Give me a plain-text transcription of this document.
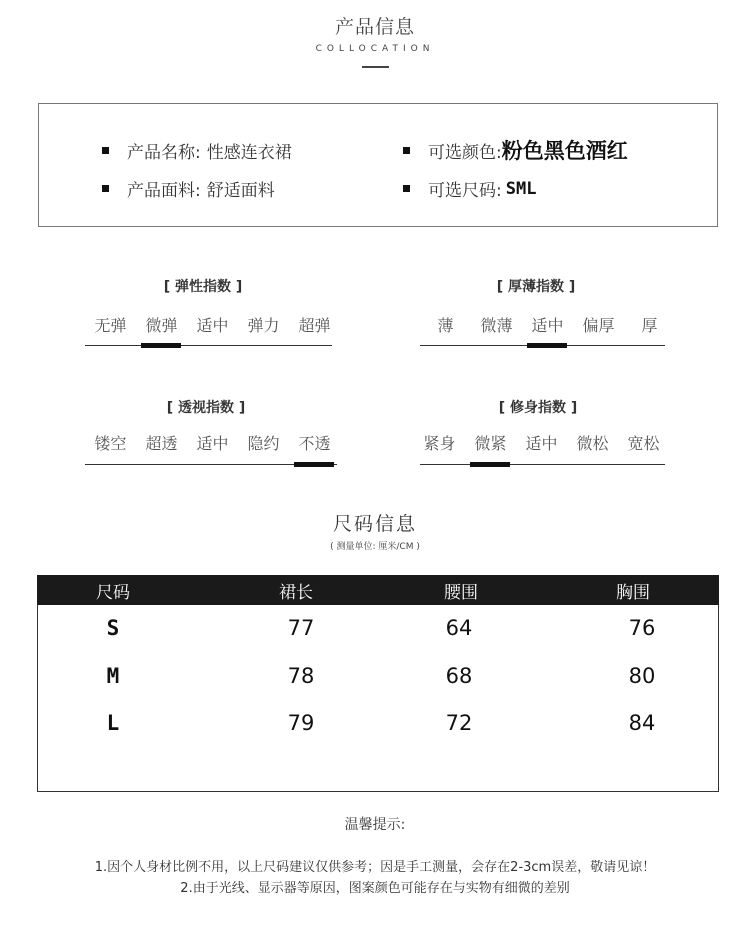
产品信息
COLLOCATION
产品名称: 性感连衣裙
产品面料: 舒适面料
可选颜色: 粉色黑色酒红
可选尺码: SML
[ 弹性指数 ]
无弹	微弹	适中	弹力	超弹
[ 厚薄指数 ]
薄	微薄	适中	偏厚	厚
[ 透视指数 ]
镂空	超透	适中	隐约	不透
[ 修身指数 ]
紧身	微紧	适中	微松	宽松
尺码信息
( 测量单位: 厘米/CM )
尺码	裙长	腰围	胸围
S	77	64	76
M	78	68	80
L	79	72	84
温馨提示:
1.因个人身材比例不用，以上尺码建议仅供参考；因是手工测量，会存在2-3cm误差，敬请见谅！
2.由于光线、显示器等原因，图案颜色可能存在与实物有细微的差别
